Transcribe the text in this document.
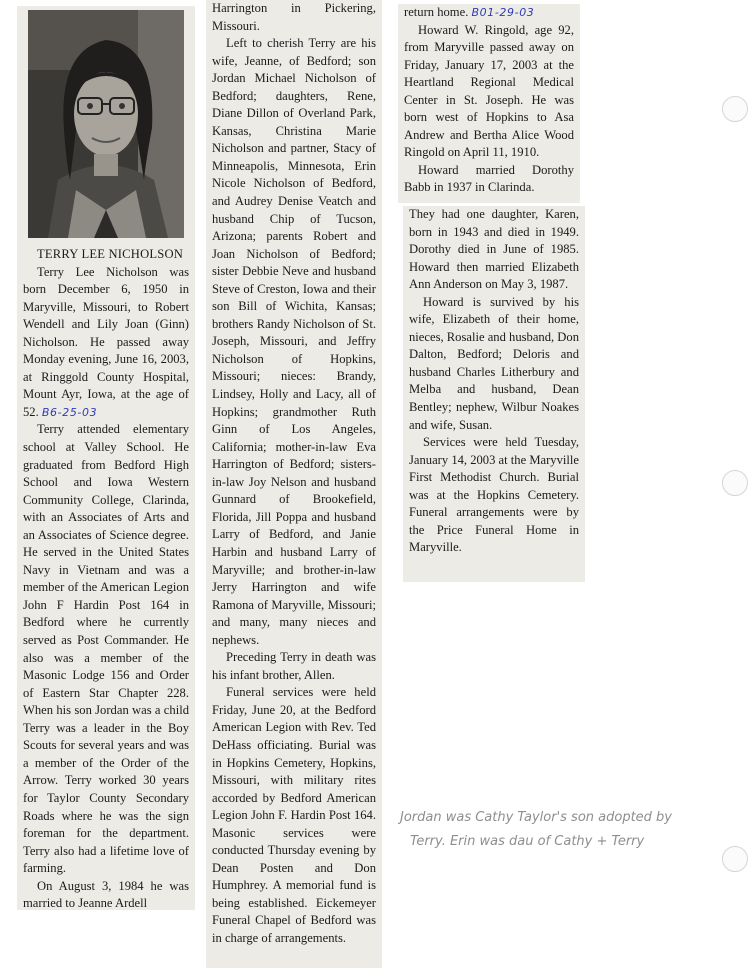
TERRY LEE NICHOLSON

Terry Lee Nicholson was born December 6, 1950 in Maryville, Missouri, to Robert Wendell and Lily Joan (Ginn) Nicholson. He passed away Monday evening, June 16, 2003, at Ringgold County Hospital, Mount Ayr, Iowa, at the age of 52. B6-25-03

Terry attended elementary school at Valley School. He graduated from Bedford High School and Iowa Western Community College, Clarinda, with an Associates of Arts and an Associates of Science degree. He served in the United States Navy in Vietnam and was a member of the American Legion John F Hardin Post 164 in Bedford where he currently served as Post Commander. He also was a member of the Masonic Lodge 156 and Order of Eastern Star Chapter 228. When his son Jordan was a child Terry was a leader in the Boy Scouts for several years and was a member of the Order of the Arrow. Terry worked 30 years for Taylor County Secondary Roads where he was the sign foreman for the department. Terry also had a lifetime love of farming.

On August 3, 1984 he was married to Jeanne Ardell

Harrington in Pickering, Missouri.

Left to cherish Terry are his wife, Jeanne, of Bedford; son Jordan Michael Nicholson of Bedford; daughters, Rene, Diane Dillon of Overland Park, Kansas, Christina Marie Nicholson and partner, Stacy of Minneapolis, Minnesota, Erin Nicole Nicholson of Bedford, and Audrey Denise Veatch and husband Chip of Tucson, Arizona; parents Robert and Joan Nicholson of Bedford; sister Debbie Neve and husband Steve of Creston, Iowa and their son Bill of Wichita, Kansas; brothers Randy Nicholson of St. Joseph, Missouri, and Jeffry Nicholson of Hopkins, Missouri; nieces: Brandy, Lindsey, Holly and Lacy, all of Hopkins; grandmother Ruth Ginn of Los Angeles, California; mother-in-law Eva Harrington of Bedford; sisters-in-law Joy Nelson and husband Gunnard of Brookefield, Florida, Jill Poppa and husband Larry of Bedford, and Janie Harbin and husband Larry of Maryville; and brother-in-law Jerry Harrington and wife Ramona of Maryville, Missouri; and many, many nieces and nephews.

Preceding Terry in death was his infant brother, Allen.

Funeral services were held Friday, June 20, at the Bedford American Legion with Rev. Ted DeHass officiating. Burial was in Hopkins Cemetery, Hopkins, Missouri, with military rites accorded by Bedford American Legion John F. Hardin Post 164. Masonic services were conducted Thursday evening by Dean Posten and Don Humphrey. A memorial fund is being established. Eickemeyer Funeral Chapel of Bedford was in charge of arrangements.

return home. B01-29-03

Howard W. Ringold, age 92, from Maryville passed away on Friday, January 17, 2003 at the Heartland Regional Medical Center in St. Joseph. He was born west of Hopkins to Asa Andrew and Bertha Alice Wood Ringold on April 11, 1910.

Howard married Dorothy Babb in 1937 in Clarinda.

They had one daughter, Karen, born in 1943 and died in 1949. Dorothy died in June of 1985. Howard then married Elizabeth Ann Anderson on May 3, 1987.

Howard is survived by his wife, Elizabeth of their home, nieces, Rosalie and husband, Don Dalton, Bedford; Deloris and husband Charles Litherbury and Melba and husband, Dean Bentley; nephew, Wilbur Noakes and wife, Susan.

Services were held Tuesday, January 14, 2003 at the Maryville First Methodist Church. Burial was at the Hopkins Cemetery. Funeral arrangements were by the Price Funeral Home in Maryville.

Jordan was Cathy Taylor's son adopted by
Terry. Erin was dau of Cathy + Terry
